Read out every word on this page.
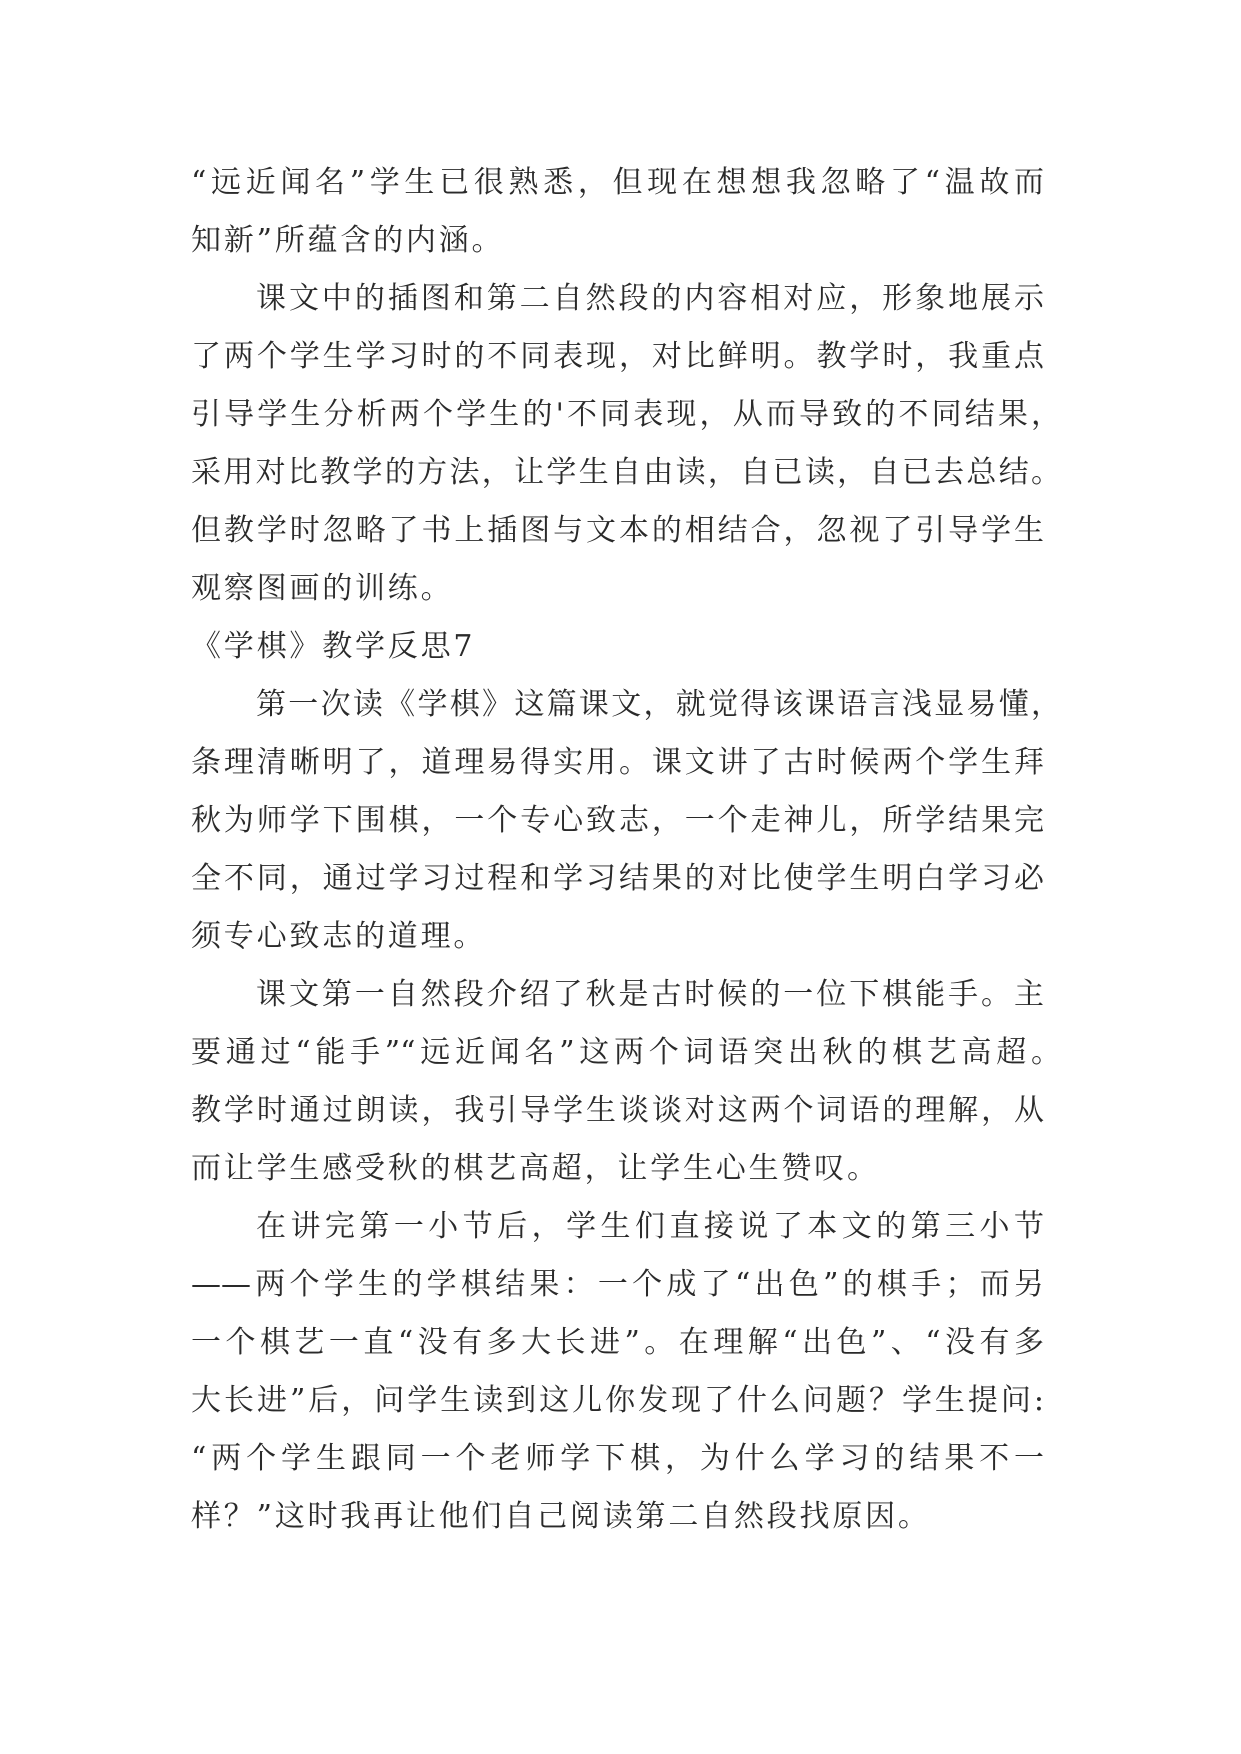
“远近闻名”学生已很熟悉，但现在想想我忽略了“温故而
知新”所蕴含的内涵。
课文中的插图和第二自然段的内容相对应，形象地展示
了两个学生学习时的不同表现，对比鲜明。教学时，我重点
引导学生分析两个学生的'不同表现，从而导致的不同结果，
采用对比教学的方法，让学生自由读，自已读，自已去总结。
但教学时忽略了书上插图与文本的相结合，忽视了引导学生
观察图画的训练。
《学棋》教学反思7
第一次读《学棋》这篇课文，就觉得该课语言浅显易懂，
条理清晰明了，道理易得实用。课文讲了古时候两个学生拜
秋为师学下围棋，一个专心致志，一个走神儿，所学结果完
全不同，通过学习过程和学习结果的对比使学生明白学习必
须专心致志的道理。
课文第一自然段介绍了秋是古时候的一位下棋能手。主
要通过“能手”“远近闻名”这两个词语突出秋的棋艺高超。
教学时通过朗读，我引导学生谈谈对这两个词语的理解，从
而让学生感受秋的棋艺高超，让学生心生赞叹。
在讲完第一小节后，学生们直接说了本文的第三小节
——两个学生的学棋结果：一个成了“出色”的棋手；而另
一个棋艺一直“没有多大长进”。在理解“出色”、“没有多
大长进”后，问学生读到这儿你发现了什么问题？学生提问:
“两个学生跟同一个老师学下棋，为什么学习的结果不一
样？”这时我再让他们自己阅读第二自然段找原因。
